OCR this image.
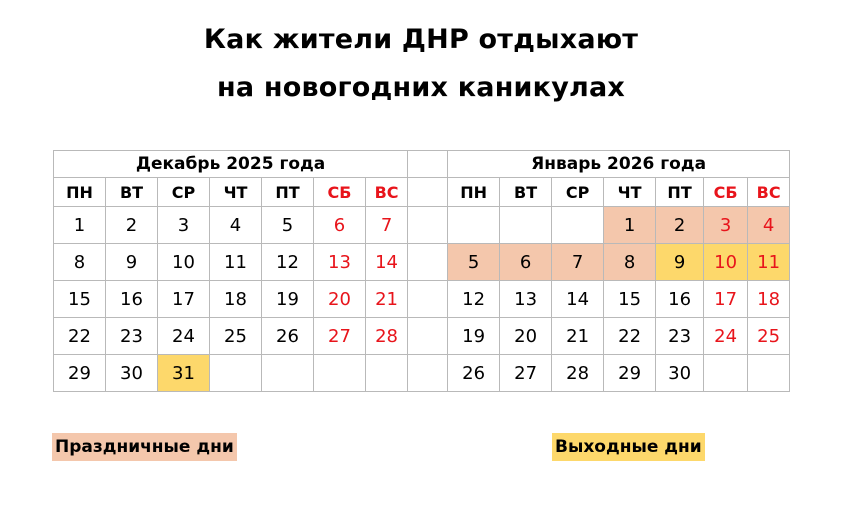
Как жители ДНР отдыхают
на новогодних каникулах
Декабрь 2025 года								Январь 2026 года						
ПН	ВТ	СР	ЧТ	ПТ	СБ	ВС		ПН	ВТ	СР	ЧТ	ПТ	СБ	ВС
1	2	3	4	5	6	7					1	2	3	4
8	9	10	11	12	13	14		5	6	7	8	9	10	11
15	16	17	18	19	20	21		12	13	14	15	16	17	18
22	23	24	25	26	27	28		19	20	21	22	23	24	25
29	30	31						26	27	28	29	30		
Праздничные дни	Выходные дни
